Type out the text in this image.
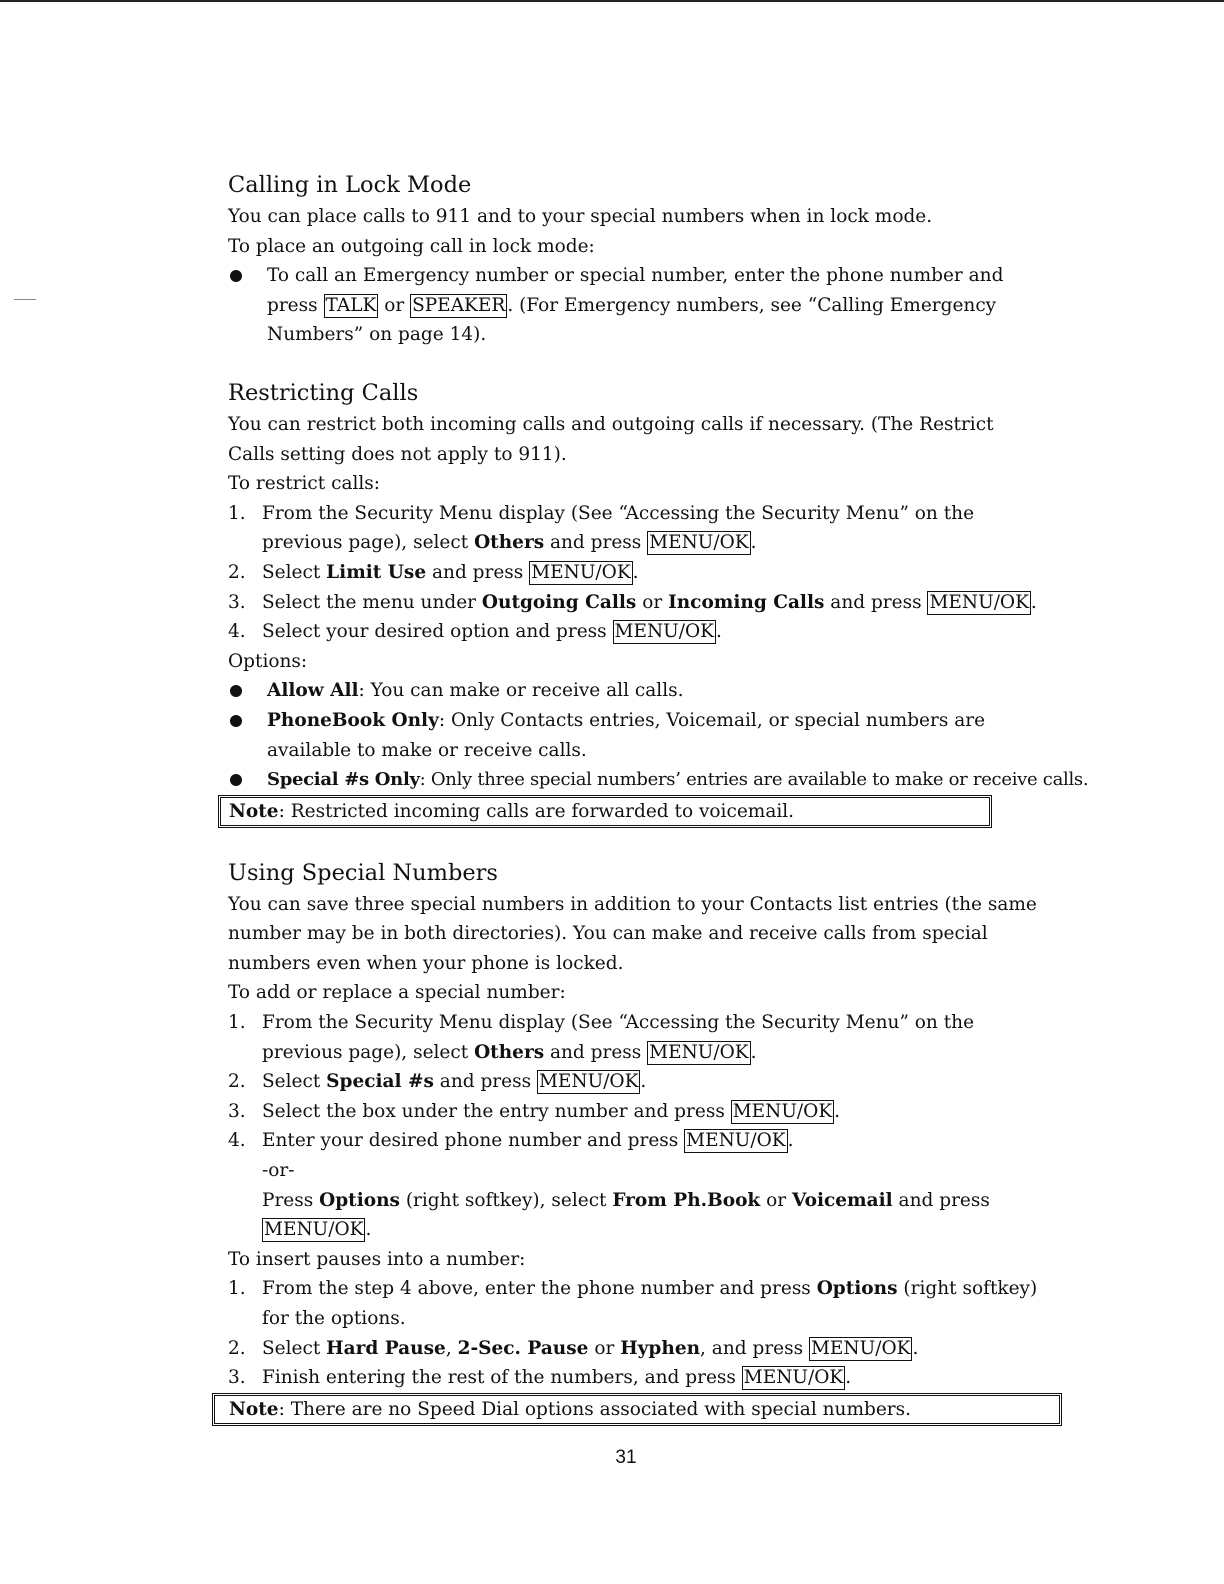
Calling in Lock Mode

You can place calls to 911 and to your special numbers when in lock mode.

To place an outgoing call in lock mode:

To call an Emergency number or special number, enter the phone number and press TALK or SPEAKER . (For Emergency numbers, see “Calling Emergency Numbers” on page 14).
Restricting Calls

You can restrict both incoming calls and outgoing calls if necessary. (The Restrict Calls setting does not apply to 911).

To restrict calls:

1. From the Security Menu display (See “Accessing the Security Menu” on the previous page), select Others and press MENU/OK .
2. Select Limit Use and press MENU/OK .
3. Select the menu under Outgoing Calls or Incoming Calls and press MENU/OK .
4. Select your desired option and press MENU/OK .

Options:

Allow All: You can make or receive all calls.
PhoneBook Only: Only Contacts entries, Voicemail, or special numbers are available to make or receive calls.
Special #s Only: Only three special numbers’ entries are available to make or receive calls.
Note: Restricted incoming calls are forwarded to voicemail.
Using Special Numbers

You can save three special numbers in addition to your Contacts list entries (the same number may be in both directories). You can make and receive calls from special numbers even when your phone is locked.

To add or replace a special number:

1. From the Security Menu display (See “Accessing the Security Menu” on the previous page), select Others and press MENU/OK .
2. Select Special #s and press MENU/OK .
3. Select the box under the entry number and press MENU/OK .
4. Enter your desired phone number and press MENU/OK .

-or-

Press Options (right softkey), select From Ph.Book or Voicemail and press MENU/OK .

To insert pauses into a number:

1. From the step 4 above, enter the phone number and press Options (right softkey) for the options.
2. Select Hard Pause, 2-Sec. Pause or Hyphen, and press MENU/OK .
3. Finish entering the rest of the numbers, and press MENU/OK .
Note: There are no Speed Dial options associated with special numbers.
31
